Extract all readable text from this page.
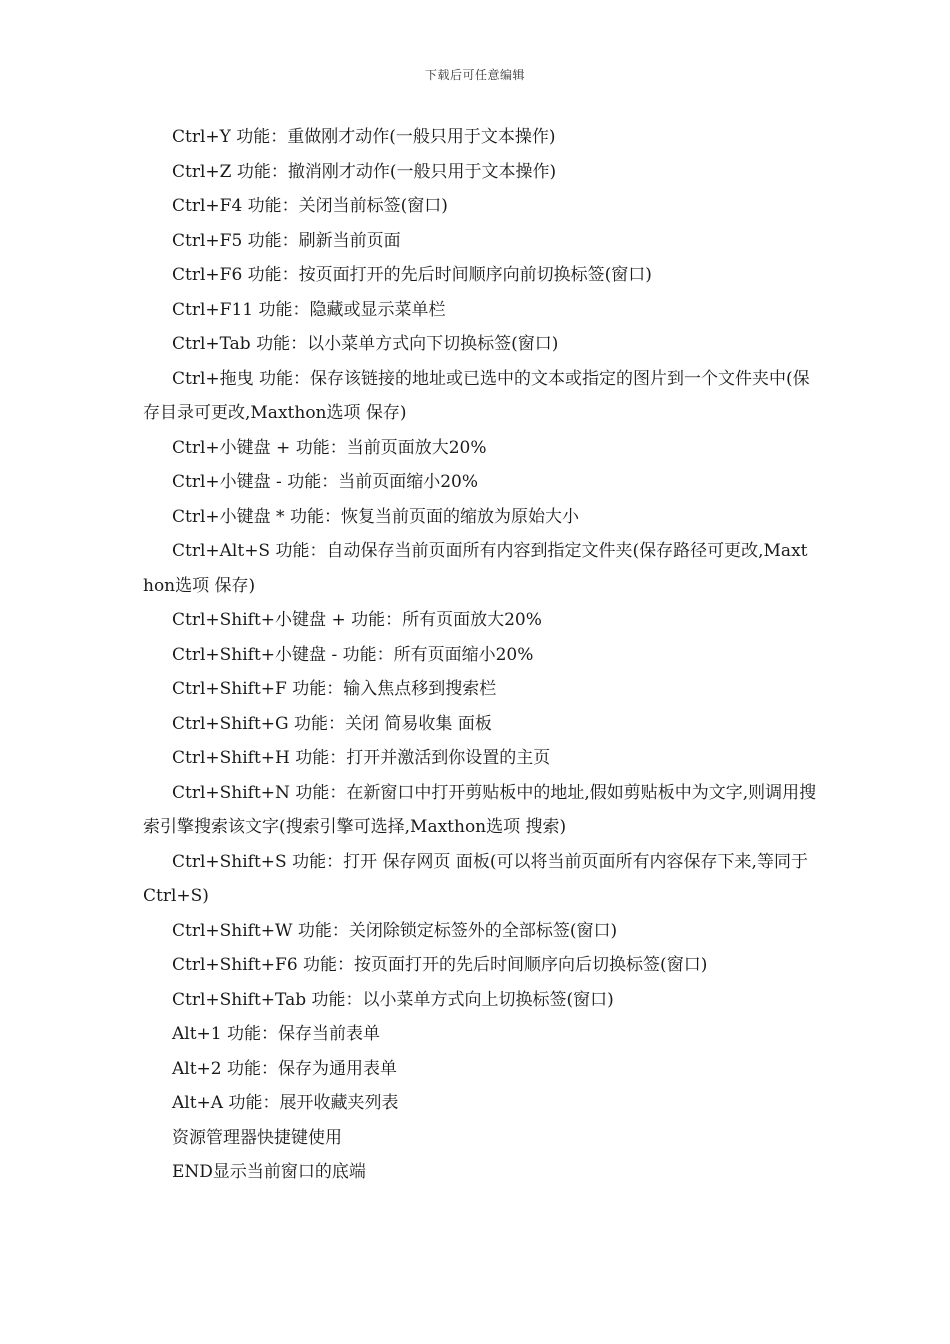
下载后可任意编辑

Ctrl+Y 功能：重做刚才动作(一般只用于文本操作)

Ctrl+Z 功能：撤消刚才动作(一般只用于文本操作)

Ctrl+F4 功能：关闭当前标签(窗口)

Ctrl+F5 功能：刷新当前页面

Ctrl+F6 功能：按页面打开的先后时间顺序向前切换标签(窗口)

Ctrl+F11 功能：隐藏或显示菜单栏

Ctrl+Tab 功能：以小菜单方式向下切换标签(窗口)

Ctrl+拖曳 功能：保存该链接的地址或已选中的文本或指定的图片到一个文件夹中(保存目录可更改,Maxthon选项 保存)

Ctrl+小键盘 + 功能：当前页面放大20%

Ctrl+小键盘 - 功能：当前页面缩小20%

Ctrl+小键盘 * 功能：恢复当前页面的缩放为原始大小

Ctrl+Alt+S 功能：自动保存当前页面所有内容到指定文件夹(保存路径可更改,Maxthon选项 保存)

Ctrl+Shift+小键盘 + 功能：所有页面放大20%

Ctrl+Shift+小键盘 - 功能：所有页面缩小20%

Ctrl+Shift+F 功能：输入焦点移到搜索栏

Ctrl+Shift+G 功能：关闭 简易收集 面板

Ctrl+Shift+H 功能：打开并激活到你设置的主页

Ctrl+Shift+N 功能：在新窗口中打开剪贴板中的地址,假如剪贴板中为文字,则调用搜索引擎搜索该文字(搜索引擎可选择,Maxthon选项 搜索)

Ctrl+Shift+S 功能：打开 保存网页 面板(可以将当前页面所有内容保存下来,等同于Ctrl+S)

Ctrl+Shift+W 功能：关闭除锁定标签外的全部标签(窗口)

Ctrl+Shift+F6 功能：按页面打开的先后时间顺序向后切换标签(窗口)

Ctrl+Shift+Tab 功能：以小菜单方式向上切换标签(窗口)

Alt+1 功能：保存当前表单

Alt+2 功能：保存为通用表单

Alt+A 功能：展开收藏夹列表

资源管理器快捷键使用

END显示当前窗口的底端
